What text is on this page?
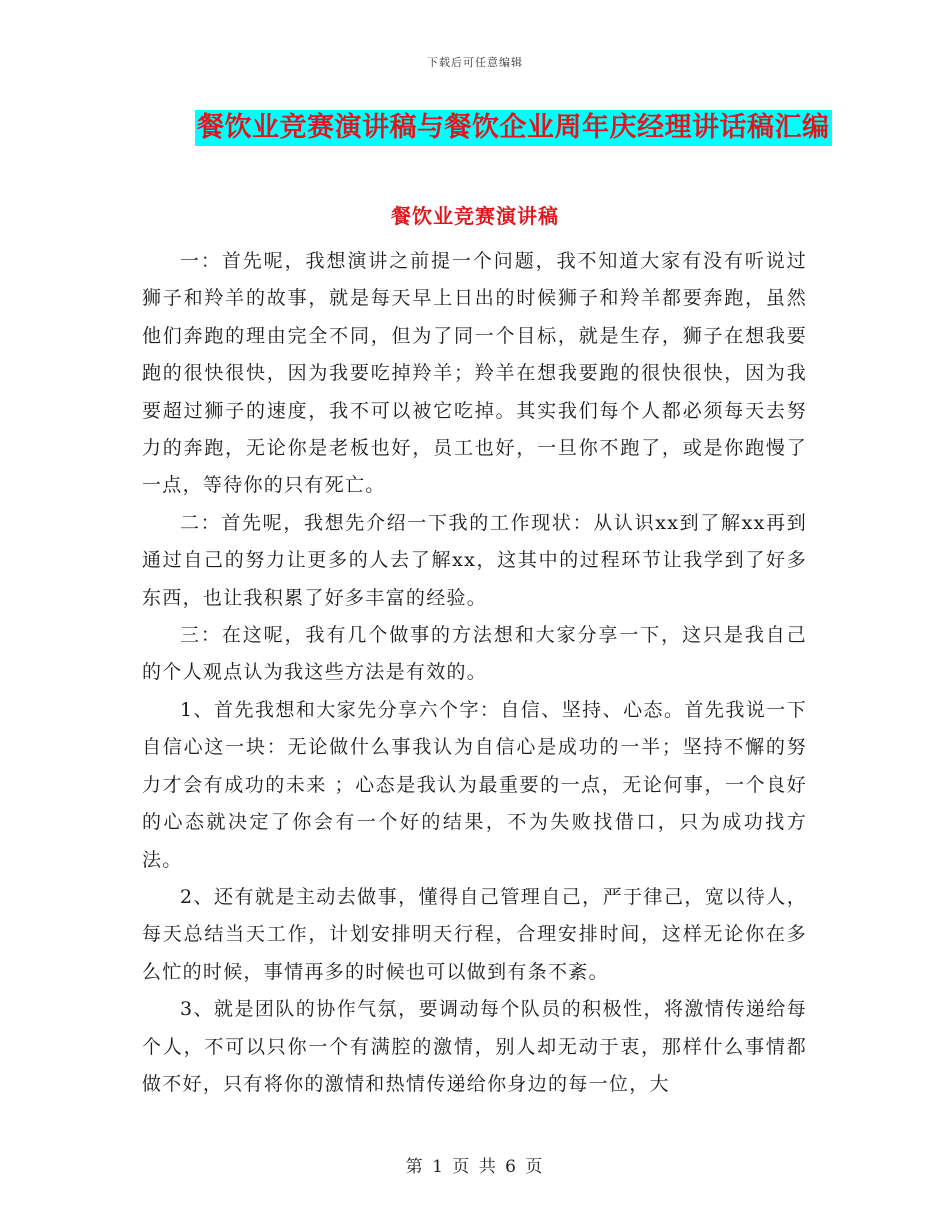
下载后可任意编辑
餐饮业竞赛演讲稿与餐饮企业周年庆经理讲话稿汇编
餐饮业竞赛演讲稿

一：首先呢，我想演讲之前提一个问题，我不知道大家有没有听说过狮子和羚羊的故事，就是每天早上日出的时候狮子和羚羊都要奔跑，虽然他们奔跑的理由完全不同，但为了同一个目标，就是生存，狮子在想我要跑的很快很快，因为我要吃掉羚羊；羚羊在想我要跑的很快很快，因为我要超过狮子的速度，我不可以被它吃掉。其实我们每个人都必须每天去努力的奔跑，无论你是老板也好，员工也好，一旦你不跑了，或是你跑慢了一点，等待你的只有死亡。

二：首先呢，我想先介绍一下我的工作现状：从认识xx到了解xx再到通过自己的努力让更多的人去了解xx，这其中的过程环节让我学到了好多东西，也让我积累了好多丰富的经验。

三：在这呢，我有几个做事的方法想和大家分享一下，这只是我自己的个人观点认为我这些方法是有效的。

1、首先我想和大家先分享六个字：自信、坚持、心态。首先我说一下自信心这一块：无论做什么事我认为自信心是成功的一半；坚持不懈的努力才会有成功的未来 ；心态是我认为最重要的一点，无论何事，一个良好的心态就决定了你会有一个好的结果，不为失败找借口，只为成功找方法。

2、还有就是主动去做事，懂得自己管理自己，严于律己，宽以待人，每天总结当天工作，计划安排明天行程，合理安排时间，这样无论你在多么忙的时候，事情再多的时候也可以做到有条不紊。

3、就是团队的协作气氛，要调动每个队员的积极性，将激情传递给每个人，不可以只你一个有满腔的激情，别人却无动于衷，那样什么事情都做不好，只有将你的激情和热情传递给你身边的每一位，大

第 1 页 共 6 页
